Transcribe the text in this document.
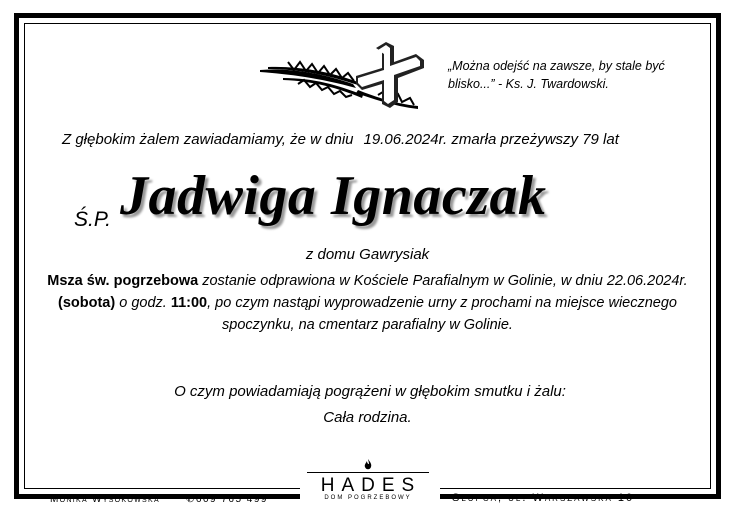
„Można odejść na zawsze, by stale być blisko...” - Ks. J. Twardowski.
Z głębokim żalem zawiadamiamy, że w dniu 19.06.2024r. zmarła przeżywszy 79 lat
Ś.P. Jadwiga Ignaczak
z domu Gawrysiak
Msza św. pogrzebowa zostanie odprawiona w Kościele Parafialnym w Golinie, w dniu 22.06.2024r. (sobota) o godz. 11:00, po czym nastąpi wyprowadzenie urny z prochami na miejsce wiecznego spoczynku, na cmentarz parafialny w Golinie.
O czym powiadamiają pogrążeni w głębokim smutku i żalu:
Cała rodzina.
Monika Wysokowska	✆609 765 499
HADES
DOM POGRZEBOWY	Słupca, ul. Warszawska 10
